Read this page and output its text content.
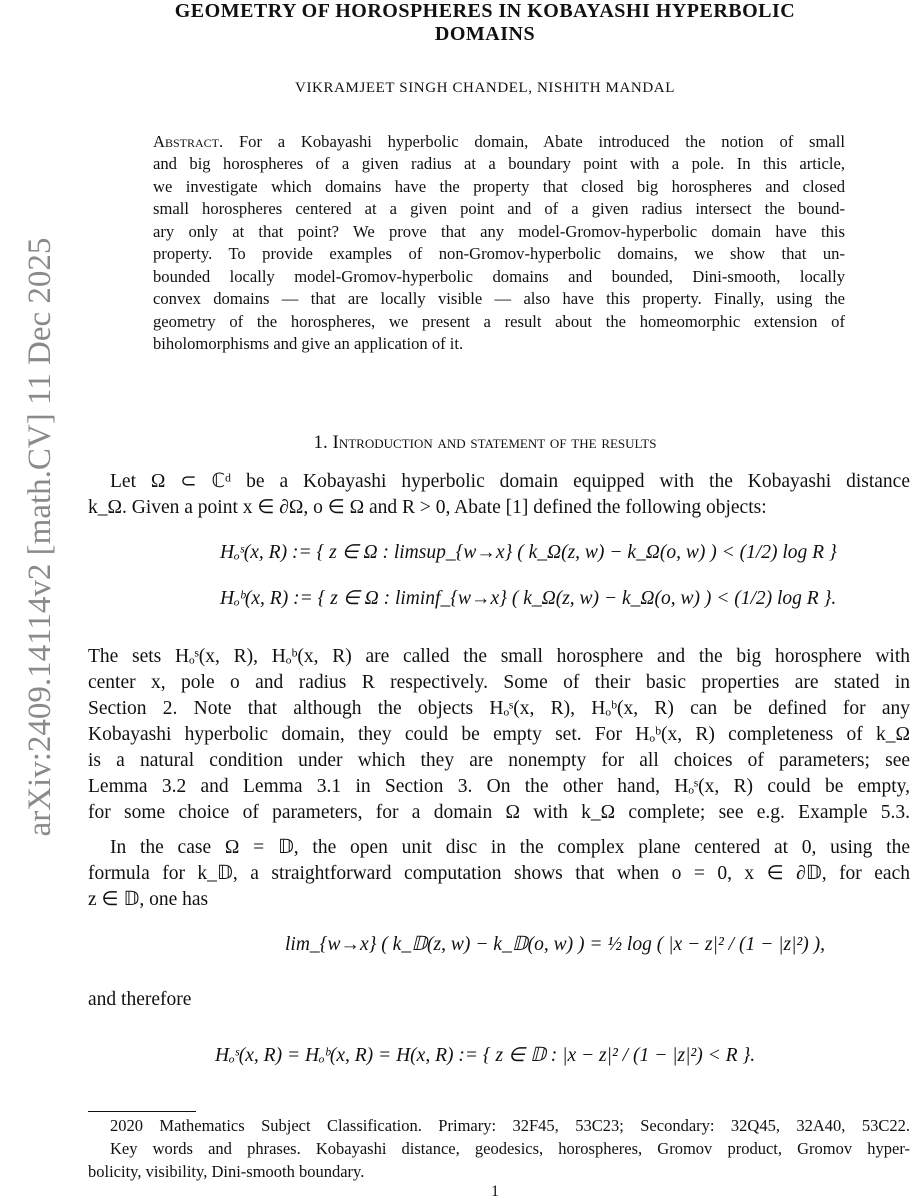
arXiv:2409.14114v2 [math.CV] 11 Dec 2025
GEOMETRY OF HOROSPHERES IN KOBAYASHI HYPERBOLIC
DOMAINS
VIKRAMJEET SINGH CHANDEL, NISHITH MANDAL
Abstract. For a Kobayashi hyperbolic domain, Abate introduced the notion of small
and big horospheres of a given radius at a boundary point with a pole. In this article,
we investigate which domains have the property that closed big horospheres and closed
small horospheres centered at a given point and of a given radius intersect the bound-
ary only at that point? We prove that any model-Gromov-hyperbolic domain have this
property. To provide examples of non-Gromov-hyperbolic domains, we show that un-
bounded locally model-Gromov-hyperbolic domains and bounded, Dini-smooth, locally
convex domains — that are locally visible — also have this property. Finally, using the
geometry of the horospheres, we present a result about the homeomorphic extension of
biholomorphisms and give an application of it.
1. Introduction and statement of the results
Let Ω ⊂ ℂᵈ be a Kobayashi hyperbolic domain equipped with the Kobayashi distance
k_Ω. Given a point x ∈ ∂Ω, o ∈ Ω and R > 0, Abate [1] defined the following objects:
Hₒˢ(x, R) := { z ∈ Ω : limsup_{w→x} ( k_Ω(z, w) − k_Ω(o, w) ) < (1/2) log R }
Hₒᵇ(x, R) := { z ∈ Ω : liminf_{w→x} ( k_Ω(z, w) − k_Ω(o, w) ) < (1/2) log R }.
The sets Hₒˢ(x, R), Hₒᵇ(x, R) are called the small horosphere and the big horosphere with
center x, pole o and radius R respectively. Some of their basic properties are stated in
Section 2. Note that although the objects Hₒˢ(x, R), Hₒᵇ(x, R) can be defined for any
Kobayashi hyperbolic domain, they could be empty set. For Hₒᵇ(x, R) completeness of k_Ω
is a natural condition under which they are nonempty for all choices of parameters; see
Lemma 3.2 and Lemma 3.1 in Section 3. On the other hand, Hₒˢ(x, R) could be empty,
for some choice of parameters, for a domain Ω with k_Ω complete; see e.g. Example 5.3.
In the case Ω = 𝔻, the open unit disc in the complex plane centered at 0, using the
formula for k_𝔻, a straightforward computation shows that when o = 0, x ∈ ∂𝔻, for each
z ∈ 𝔻, one has
lim_{w→x} ( k_𝔻(z, w) − k_𝔻(o, w) ) = ½ log ( |x − z|² / (1 − |z|²) ),
and therefore
Hₒˢ(x, R) = Hₒᵇ(x, R) = H(x, R) := { z ∈ 𝔻 : |x − z|² / (1 − |z|²) < R }.
2020 Mathematics Subject Classification. Primary: 32F45, 53C23; Secondary: 32Q45, 32A40, 53C22.
Key words and phrases. Kobayashi distance, geodesics, horospheres, Gromov product, Gromov hyper-
bolicity, visibility, Dini-smooth boundary.
1
